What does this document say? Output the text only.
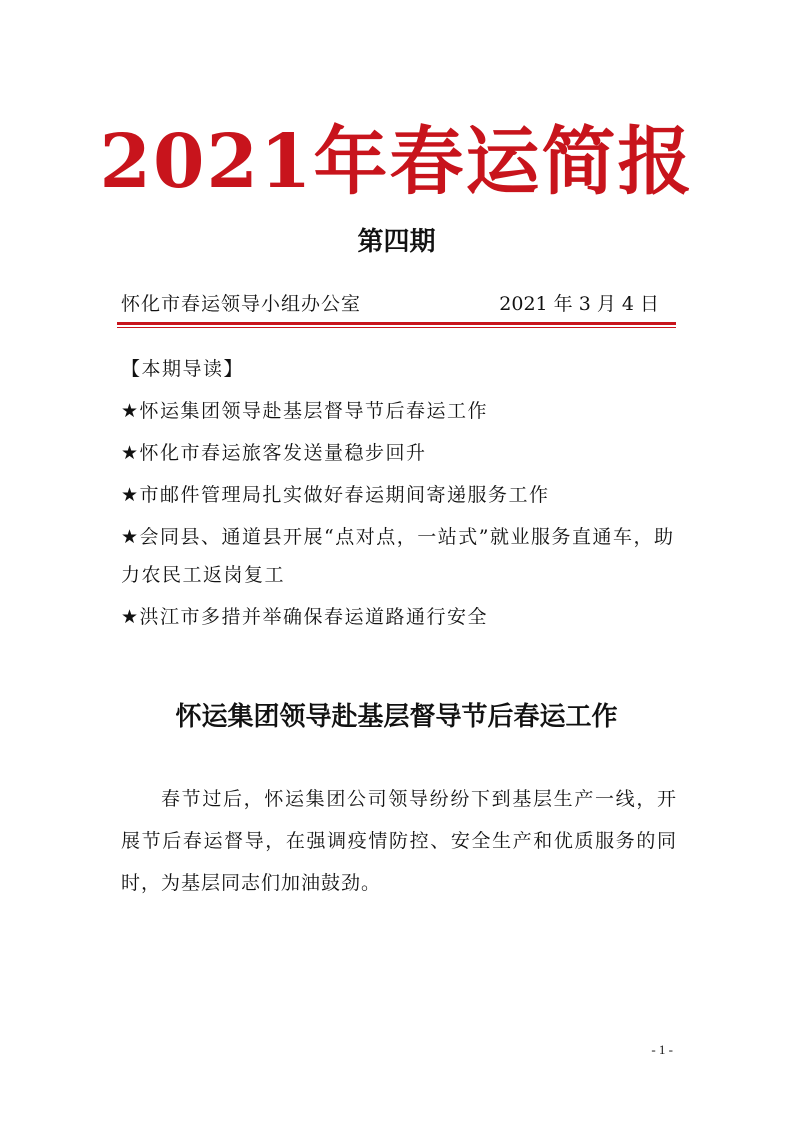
2021年春运简报
第四期
怀化市春运领导小组办公室	2021 年 3 月 4 日
【本期导读】
★怀运集团领导赴基层督导节后春运工作
★怀化市春运旅客发送量稳步回升
★市邮件管理局扎实做好春运期间寄递服务工作
★会同县、通道县开展“点对点，一站式”就业服务直通车，助力农民工返岗复工
★洪江市多措并举确保春运道路通行安全
怀运集团领导赴基层督导节后春运工作
春节过后，怀运集团公司领导纷纷下到基层生产一线，开展节后春运督导，在强调疫情防控、安全生产和优质服务的同时，为基层同志们加油鼓劲。
- 1 -
